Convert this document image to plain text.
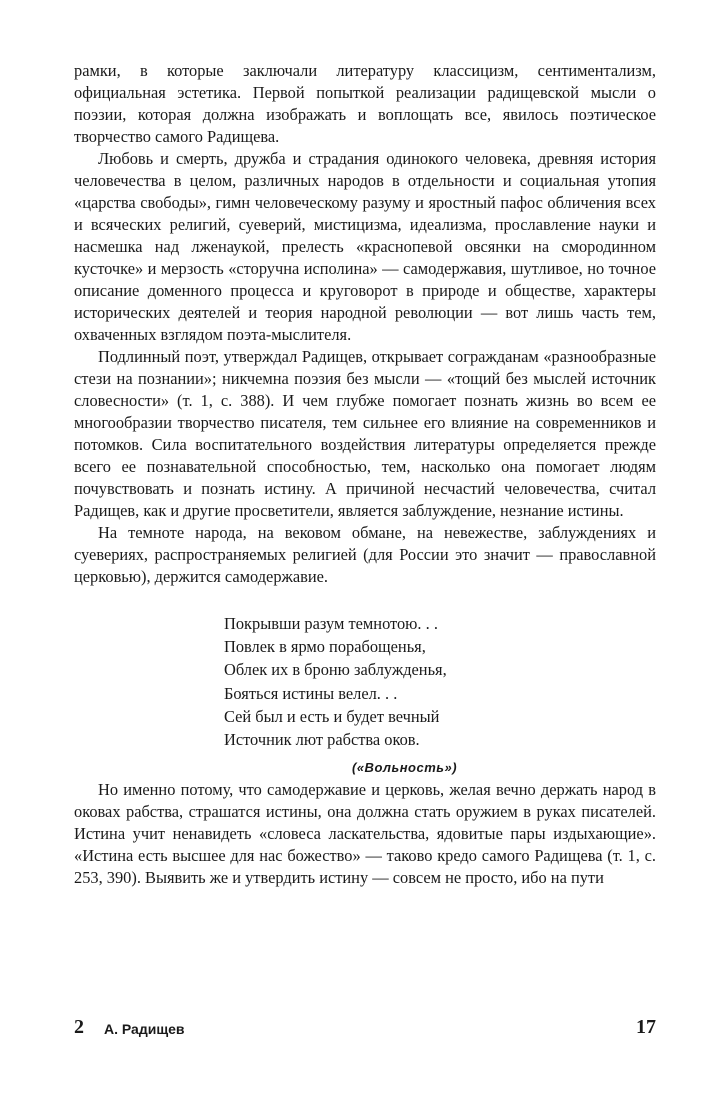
рамки, в которые заключали литературу классицизм, сентиментализм, официальная эстетика. Первой попыткой реализации радищевской мысли о поэзии, которая должна изображать и воплощать все, явилось поэтическое творчество самого Радищева.

Любовь и смерть, дружба и страдания одинокого человека, древняя история человечества в целом, различных народов в отдельности и социальная утопия «царства свободы», гимн человеческому разуму и яростный пафос обличения всех и всяческих религий, суеверий, мистицизма, идеализма, прославление науки и насмешка над лженаукой, прелесть «краснопевой овсянки на смородинном кусточке» и мерзость «сторучна исполина» — самодержавия, шутливое, но точное описание доменного процесса и круговорот в природе и обществе, характеры исторических деятелей и теория народной революции — вот лишь часть тем, охваченных взглядом поэта-мыслителя.

Подлинный поэт, утверждал Радищев, открывает согражданам «разнообразные стези на познании»; никчемна поэзия без мысли — «тощий без мыслей источник словесности» (т. 1, с. 388). И чем глубже помогает познать жизнь во всем ее многообразии творчество писателя, тем сильнее его влияние на современников и потомков. Сила воспитательного воздействия литературы определяется прежде всего ее познавательной способностью, тем, насколько она помогает людям почувствовать и познать истину. А причиной несчастий человечества, считал Радищев, как и другие просветители, является заблуждение, незнание истины.

На темноте народа, на вековом обмане, на невежестве, заблуждениях и суевериях, распространяемых религией (для России это значит — православной церковью), держится самодержавие.

Покрывши разум темнотою. . .
Повлек в ярмо порабощенья,
Облек их в броню заблужденья,
Бояться истины велел. . .
Сей был и есть и будет вечный
Источник лют рабства оков.
(«Вольность»)

Но именно потому, что самодержавие и церковь, желая вечно держать народ в оковах рабства, страшатся истины, она должна стать оружием в руках писателей. Истина учит ненавидеть «словеса ласкательства, ядовитые пары издыхающие». «Истина есть высшее для нас божество» — таково кредо самого Радищева (т. 1, с. 253, 390). Выявить же и утвердить истину — совсем не просто, ибо на пути

2 А. Радищев	17
